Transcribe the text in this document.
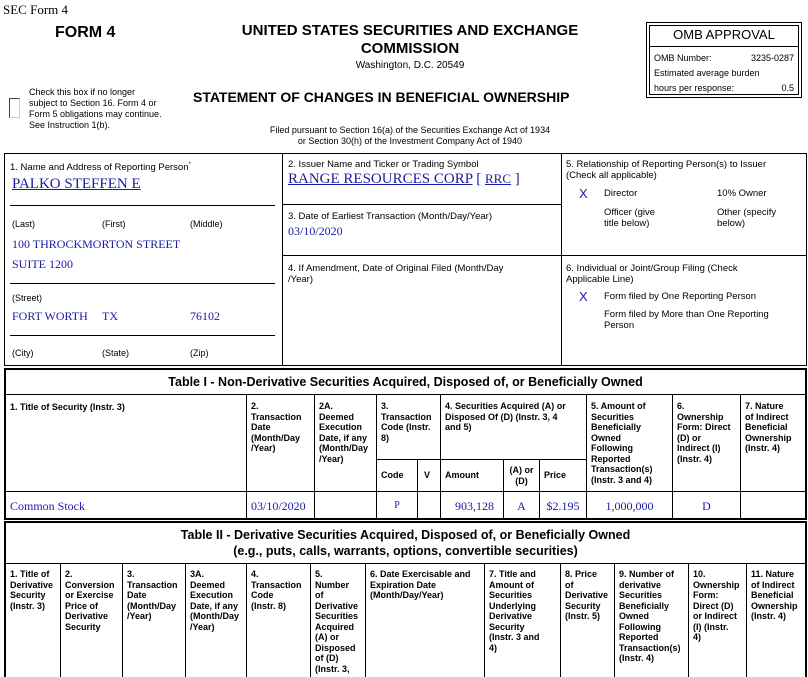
SEC Form 4
FORM 4	UNITED STATES SECURITIES AND EXCHANGE
COMMISSION
Washington, D.C. 20549
OMB APPROVAL
OMB Number:	3235-0287
Estimated average burden
hours per response:	0.5
Check this box if no longer
subject to Section 16. Form 4 or
Form 5 obligations may continue.
See Instruction 1(b).
STATEMENT OF CHANGES IN BENEFICIAL OWNERSHIP
Filed pursuant to Section 16(a) of the Securities Exchange Act of 1934
or Section 30(h) of the Investment Company Act of 1940
1. Name and Address of Reporting Person*
PALKO STEFFEN E
(Last)	(First)	(Middle)
100 THROCKMORTON STREET
SUITE 1200
(Street)
FORT WORTH TX	76102
(City)	(State)	(Zip)
2. Issuer Name and Ticker or Trading Symbol
RANGE RESOURCES CORP [ RRC ]
3. Date of Earliest Transaction (Month/Day/Year)
03/10/2020
4. If Amendment, Date of Original Filed (Month/Day
/Year)
5. Relationship of Reporting Person(s) to Issuer
(Check all applicable)
X Director	10% Owner
Officer (give
title below)
Other (specify
below)
6. Individual or Joint/Group Filing (Check
Applicable Line)
X Form filed by One Reporting Person
Form filed by More than One Reporting
Person
Table I - Non-Derivative Securities Acquired, Disposed of, or Beneficially Owned
1. Title of Security (Instr. 3)	2.
Transaction
Date
(Month/Day
/Year)
2A.
Deemed
Execution
Date, if any
(Month/Day
/Year)
3.
Transaction
Code (Instr.
8)
4. Securities Acquired (A) or
Disposed Of (D) (Instr. 3, 4
and 5)
5. Amount of
Securities
Beneficially
Owned
Following
Reported
Transaction(s)
(Instr. 3 and 4)
6.
Ownership
Form: Direct
(D) or
Indirect (I)
(Instr. 4)
7. Nature
of Indirect
Beneficial
Ownership
(Instr. 4)
Code V Amount	(A) or
(D)
Price
Common Stock	03/10/2020	P	903,128	A	$2.195	1,000,000	D
Table II - Derivative Securities Acquired, Disposed of, or Beneficially Owned
(e.g., puts, calls, warrants, options, convertible securities)
1. Title of
Derivative
Security
(Instr. 3)
2.
Conversion
or Exercise
Price of
Derivative
Security
3.
Transaction
Date
(Month/Day
/Year)
3A.
Deemed
Execution
Date, if any
(Month/Day
/Year)
4.
Transaction
Code
(Instr. 8)
5.
Number
of
Derivative
Securities
Acquired
(A) or
Disposed
of (D)
(Instr. 3,
6. Date Exercisable and
Expiration Date
(Month/Day/Year)
7. Title and
Amount of
Securities
Underlying
Derivative
Security
(Instr. 3 and
4)
8. Price
of
Derivative
Security
(Instr. 5)
9. Number of
derivative
Securities
Beneficially
Owned
Following
Reported
Transaction(s)
(Instr. 4)
10.
Ownership
Form:
Direct (D)
or Indirect
(I) (Instr.
4)
11. Nature
of Indirect
Beneficial
Ownership
(Instr. 4)
